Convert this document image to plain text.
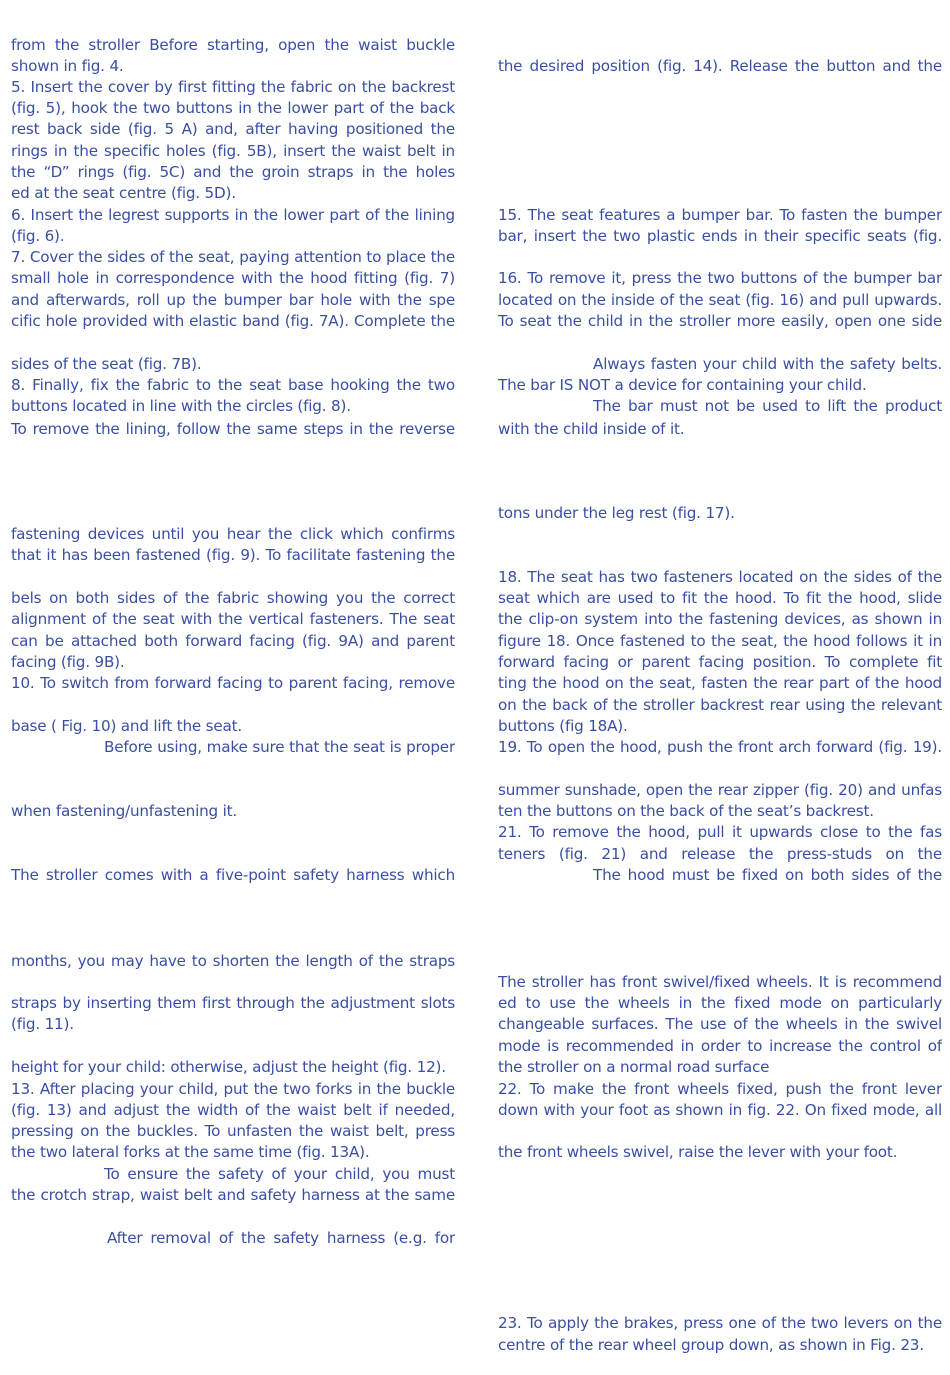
from the stroller Before starting, open the waist buckle
shown in fig. 4.
5. Insert the cover by first fitting the fabric on the backrest
(fig. 5), hook the two buttons in the lower part of the back
rest back side (fig. 5 A) and, after having positioned the
rings in the specific holes (fig. 5B), insert the waist belt in
the “D” rings (fig. 5C) and the groin straps in the holes
ed at the seat centre (fig. 5D).
6. Insert the legrest supports in the lower part of the lining
(fig. 6).
7. Cover the sides of the seat, paying attention to place the
small hole in correspondence with the hood fitting (fig. 7)
and afterwards, roll up the bumper bar hole with the spe
cific hole provided with elastic band (fig. 7A). Complete the
sides of the seat (fig. 7B).
8. Finally, fix the fabric to the seat base hooking the two
buttons located in line with the circles (fig. 8).
To remove the lining, follow the same steps in the reverse
fastening devices until you hear the click which confirms
that it has been fastened (fig. 9). To facilitate fastening the
bels on both sides of the fabric showing you the correct
alignment of the seat with the vertical fasteners. The seat
can be attached both forward facing (fig. 9A) and parent
facing (fig. 9B).
10. To switch from forward facing to parent facing, remove
base ( Fig. 10) and lift the seat.
Before using, make sure that the seat is proper
when fastening/unfastening it.
The stroller comes with a five-point safety harness which
months, you may have to shorten the length of the straps
straps by inserting them first through the adjustment slots
(fig. 11).
height for your child: otherwise, adjust the height (fig. 12).
13. After placing your child, put the two forks in the buckle
(fig. 13) and adjust the width of the waist belt if needed,
pressing on the buckles. To unfasten the waist belt, press
the two lateral forks at the same time (fig. 13A).
To ensure the safety of your child, you must
the crotch strap, waist belt and safety harness at the same
After removal of the safety harness (e.g. for
the desired position (fig. 14). Release the button and the
15. The seat features a bumper bar. To fasten the bumper
bar, insert the two plastic ends in their specific seats (fig.
16. To remove it, press the two buttons of the bumper bar
located on the inside of the seat (fig. 16) and pull upwards.
To seat the child in the stroller more easily, open one side
Always fasten your child with the safety belts.
The bar IS NOT a device for containing your child.
The bar must not be used to lift the product
with the child inside of it.
tons under the leg rest (fig. 17).
18. The seat has two fasteners located on the sides of the
seat which are used to fit the hood. To fit the hood, slide
the clip-on system into the fastening devices, as shown in
figure 18. Once fastened to the seat, the hood follows it in
forward facing or parent facing position. To complete fit
ting the hood on the seat, fasten the rear part of the hood
on the back of the stroller backrest rear using the relevant
buttons (fig 18A).
19. To open the hood, push the front arch forward (fig. 19).
summer sunshade, open the rear zipper (fig. 20) and unfas
ten the buttons on the back of the seat’s backrest.
21. To remove the hood, pull it upwards close to the fas
teners (fig. 21) and release the press-studs on the
The hood must be fixed on both sides of the
The stroller has front swivel/fixed wheels. It is recommend
ed to use the wheels in the fixed mode on particularly
changeable surfaces. The use of the wheels in the swivel
mode is recommended in order to increase the control of
the stroller on a normal road surface
22. To make the front wheels fixed, push the front lever
down with your foot as shown in fig. 22. On fixed mode, all
the front wheels swivel, raise the lever with your foot.
23. To apply the brakes, press one of the two levers on the
centre of the rear wheel group down, as shown in Fig. 23.
